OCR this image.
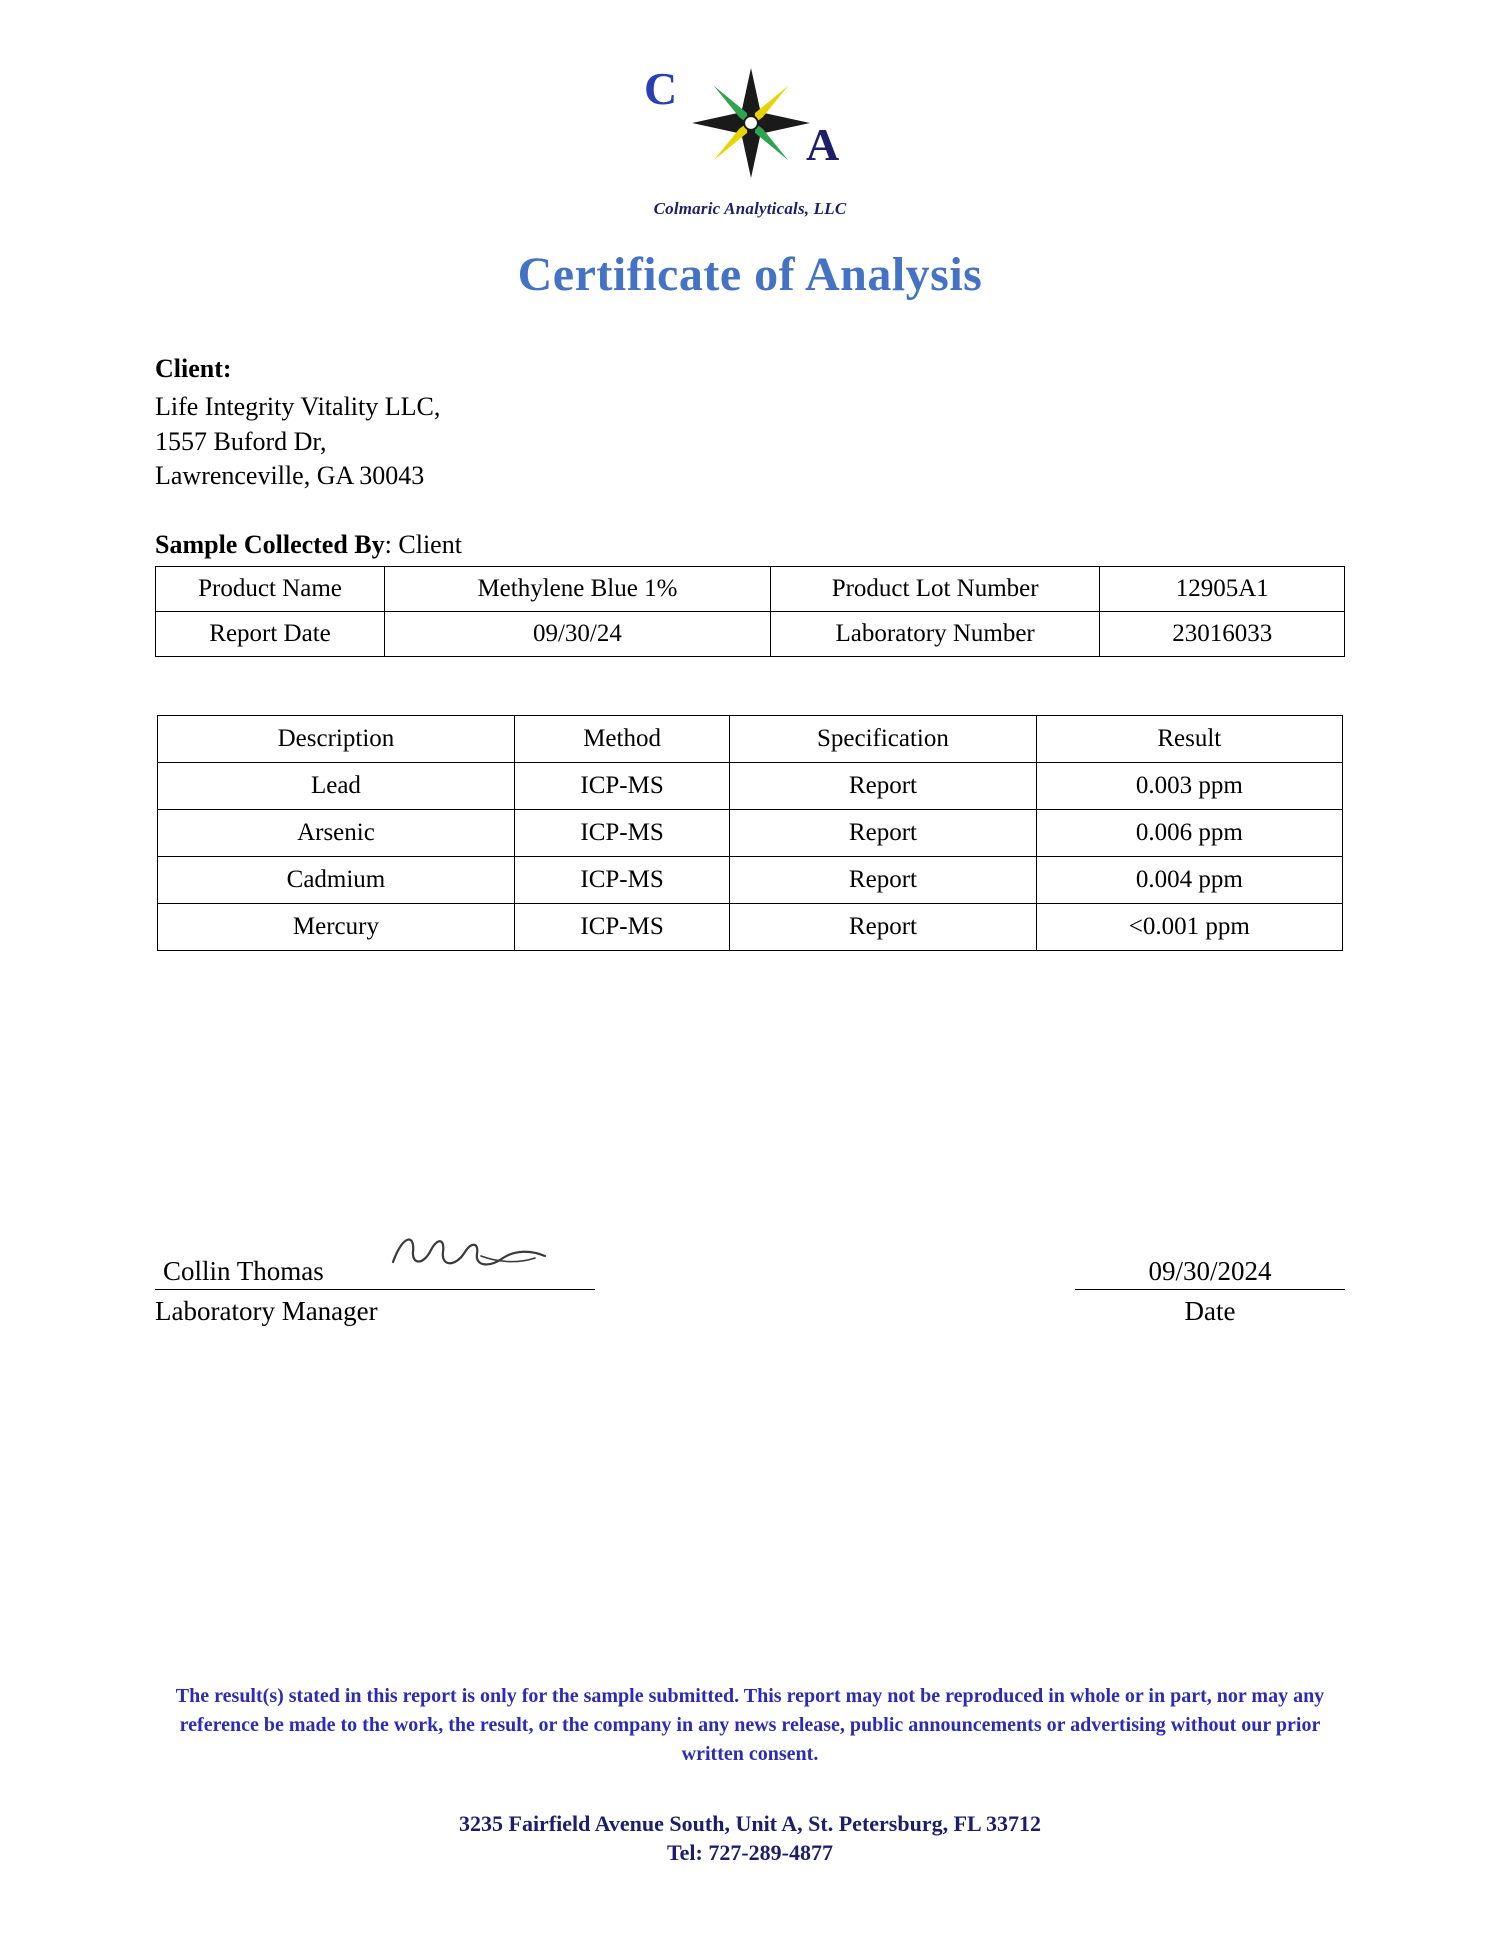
C
A
Colmaric Analyticals, LLC
Certificate of Analysis
Client:
Life Integrity Vitality LLC,
1557 Buford Dr,
Lawrenceville, GA 30043
Sample Collected By: Client
Product Name	Methylene Blue 1%	Product Lot Number	12905A1
Report Date	09/30/24	Laboratory Number	23016033
Description	Method	Specification	Result
Lead	ICP-MS	Report	0.003 ppm
Arsenic	ICP-MS	Report	0.006 ppm
Cadmium	ICP-MS	Report	0.004 ppm
Mercury	ICP-MS	Report	<0.001 ppm
Collin Thomas
Laboratory Manager
09/30/2024
Date
The result(s) stated in this report is only for the sample submitted. This report may not be reproduced in whole or in part, nor may any reference be made to the work, the result, or the company in any news release, public announcements or advertising without our prior written consent.
3235 Fairfield Avenue South, Unit A, St. Petersburg, FL 33712
Tel: 727-289-4877
